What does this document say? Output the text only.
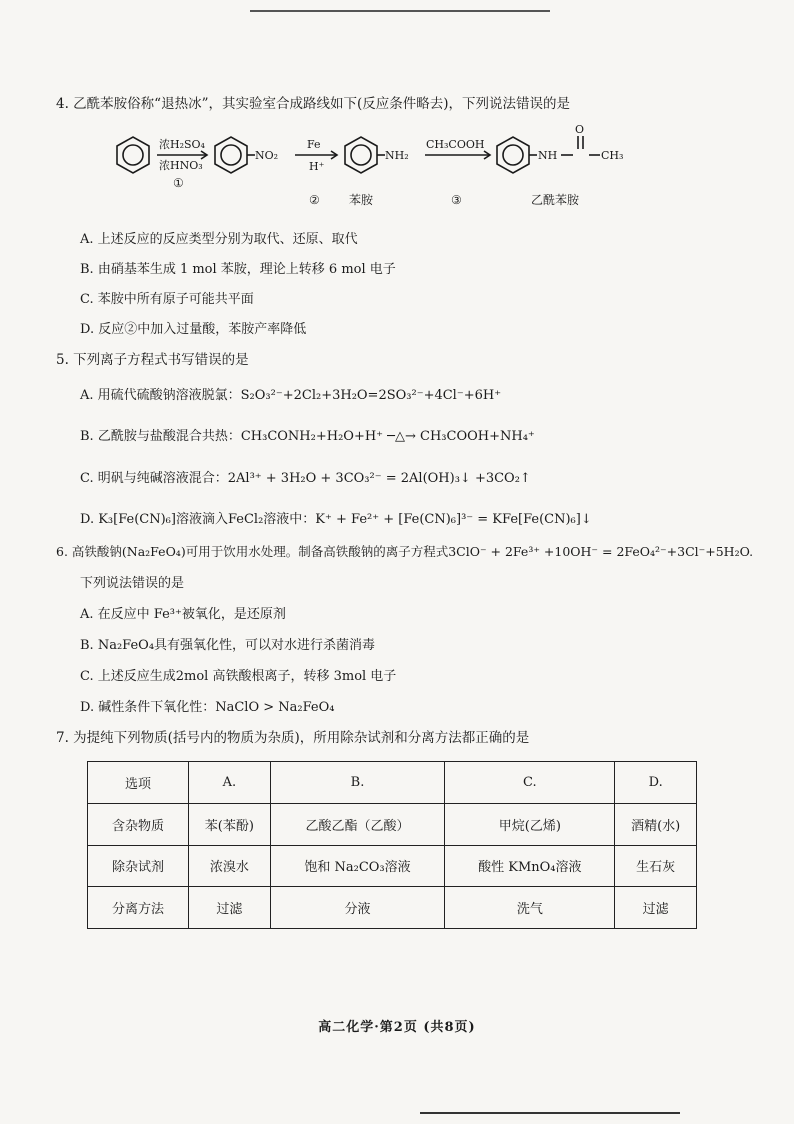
4. 乙酰苯胺俗称“退热冰”，其实验室合成路线如下(反应条件略去)，下列说法错误的是
浓H₂SO₄
浓HNO₃
①
NO₂
Fe
H⁺
②
NH₂
苯胺
CH₃COOH
③
NH
O
CH₃
乙酰苯胺
A. 上述反应的反应类型分别为取代、还原、取代
B. 由硝基苯生成 1 mol 苯胺，理论上转移 6 mol 电子
C. 苯胺中所有原子可能共平面
D. 反应②中加入过量酸，苯胺产率降低
5. 下列离子方程式书写错误的是
A. 用硫代硫酸钠溶液脱氯：S₂O₃²⁻+2Cl₂+3H₂O=2SO₃²⁻+4Cl⁻+6H⁺
B. 乙酰胺与盐酸混合共热：CH₃CONH₂+H₂O+H⁺ ─△→ CH₃COOH+NH₄⁺
C. 明矾与纯碱溶液混合：2Al³⁺ + 3H₂O + 3CO₃²⁻ = 2Al(OH)₃↓ +3CO₂↑
D. K₃[Fe(CN)₆]溶液滴入FeCl₂溶液中：K⁺ + Fe²⁺ + [Fe(CN)₆]³⁻ = KFe[Fe(CN)₆]↓
6. 高铁酸钠(Na₂FeO₄)可用于饮用水处理。制备高铁酸钠的离子方程式3ClO⁻ + 2Fe³⁺ +10OH⁻ = 2FeO₄²⁻+3Cl⁻+5H₂O.
下列说法错误的是
A. 在反应中 Fe³⁺被氧化，是还原剂
B. Na₂FeO₄具有强氧化性，可以对水进行杀菌消毒
C. 上述反应生成2mol 高铁酸根离子，转移 3mol 电子
D. 碱性条件下氧化性：NaClO > Na₂FeO₄
7. 为提纯下列物质(括号内的物质为杂质)，所用除杂试剂和分离方法都正确的是
选项	A.	B.	C.	D.
含杂物质	苯(苯酚)	乙酸乙酯（乙酸）	甲烷(乙烯)	酒精(水)
除杂试剂	浓溴水	饱和 Na₂CO₃溶液	酸性 KMnO₄溶液	生石灰
分离方法	过滤	分液	洗气	过滤
高二化学·第2页 (共8页)
